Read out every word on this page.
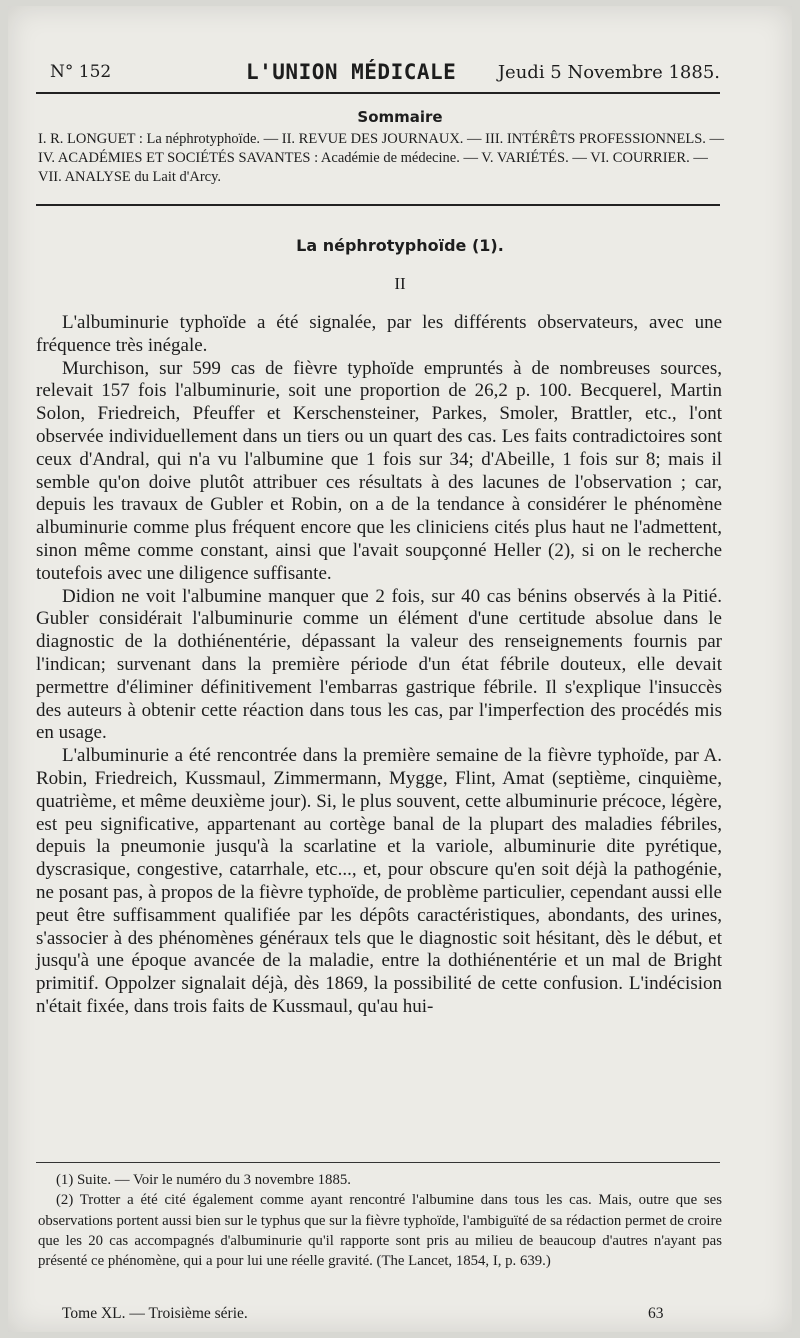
N° 152	L'UNION MÉDICALE Jeudi 5 Novembre 1885.
Sommaire
I. R. LONGUET : La néphrotyphoïde. — II. REVUE DES JOURNAUX. — III. INTÉRÊTS PROFESSIONNELS. — IV. ACADÉMIES ET SOCIÉTÉS SAVANTES : Académie de médecine. — V. VARIÉTÉS. — VI. COURRIER. — VII. ANALYSE du Lait d'Arcy.
La néphrotyphoïde (1).
II

L'albuminurie typhoïde a été signalée, par les différents observateurs, avec une fréquence très inégale.

Murchison, sur 599 cas de fièvre typhoïde empruntés à de nombreuses sources, relevait 157 fois l'albuminurie, soit une proportion de 26,2 p. 100. Becquerel, Martin Solon, Friedreich, Pfeuffer et Kerschensteiner, Parkes, Smoler, Brattler, etc., l'ont observée individuellement dans un tiers ou un quart des cas. Les faits contradictoires sont ceux d'Andral, qui n'a vu l'albumine que 1 fois sur 34; d'Abeille, 1 fois sur 8; mais il semble qu'on doive plutôt attribuer ces résultats à des lacunes de l'observation ; car, depuis les travaux de Gubler et Robin, on a de la tendance à considérer le phénomène albuminurie comme plus fréquent encore que les cliniciens cités plus haut ne l'admettent, sinon même comme constant, ainsi que l'avait soupçonné Heller (2), si on le recherche toutefois avec une diligence suffisante.

Didion ne voit l'albumine manquer que 2 fois, sur 40 cas bénins observés à la Pitié. Gubler considérait l'albuminurie comme un élément d'une certitude absolue dans le diagnostic de la dothiénentérie, dépassant la valeur des renseignements fournis par l'indican; survenant dans la première période d'un état fébrile douteux, elle devait permettre d'éliminer définitivement l'embarras gastrique fébrile. Il s'explique l'insuccès des auteurs à obtenir cette réaction dans tous les cas, par l'imperfection des procédés mis en usage.

L'albuminurie a été rencontrée dans la première semaine de la fièvre typhoïde, par A. Robin, Friedreich, Kussmaul, Zimmermann, Mygge, Flint, Amat (septième, cinquième, quatrième, et même deuxième jour). Si, le plus souvent, cette albuminurie précoce, légère, est peu significative, appartenant au cortège banal de la plupart des maladies fébriles, depuis la pneumonie jusqu'à la scarlatine et la variole, albuminurie dite pyrétique, dyscrasique, congestive, catarrhale, etc..., et, pour obscure qu'en soit déjà la pathogénie, ne posant pas, à propos de la fièvre typhoïde, de problème particulier, cependant aussi elle peut être suffisamment qualifiée par les dépôts caractéristiques, abondants, des urines, s'associer à des phénomènes généraux tels que le diagnostic soit hésitant, dès le début, et jusqu'à une époque avancée de la maladie, entre la dothiénentérie et un mal de Bright primitif. Oppolzer signalait déjà, dès 1869, la possibilité de cette confusion. L'indécision n'était fixée, dans trois faits de Kussmaul, qu'au hui-

(1) Suite. — Voir le numéro du 3 novembre 1885.

(2) Trotter a été cité également comme ayant rencontré l'albumine dans tous les cas. Mais, outre que ses observations portent aussi bien sur le typhus que sur la fièvre typhoïde, l'ambiguïté de sa rédaction permet de croire que les 20 cas accompagnés d'albuminurie qu'il rapporte sont pris au milieu de beaucoup d'autres n'ayant pas présenté ce phénomène, qui a pour lui une réelle gravité. (The Lancet, 1854, I, p. 639.)

Tome XL. — Troisième série.	63
